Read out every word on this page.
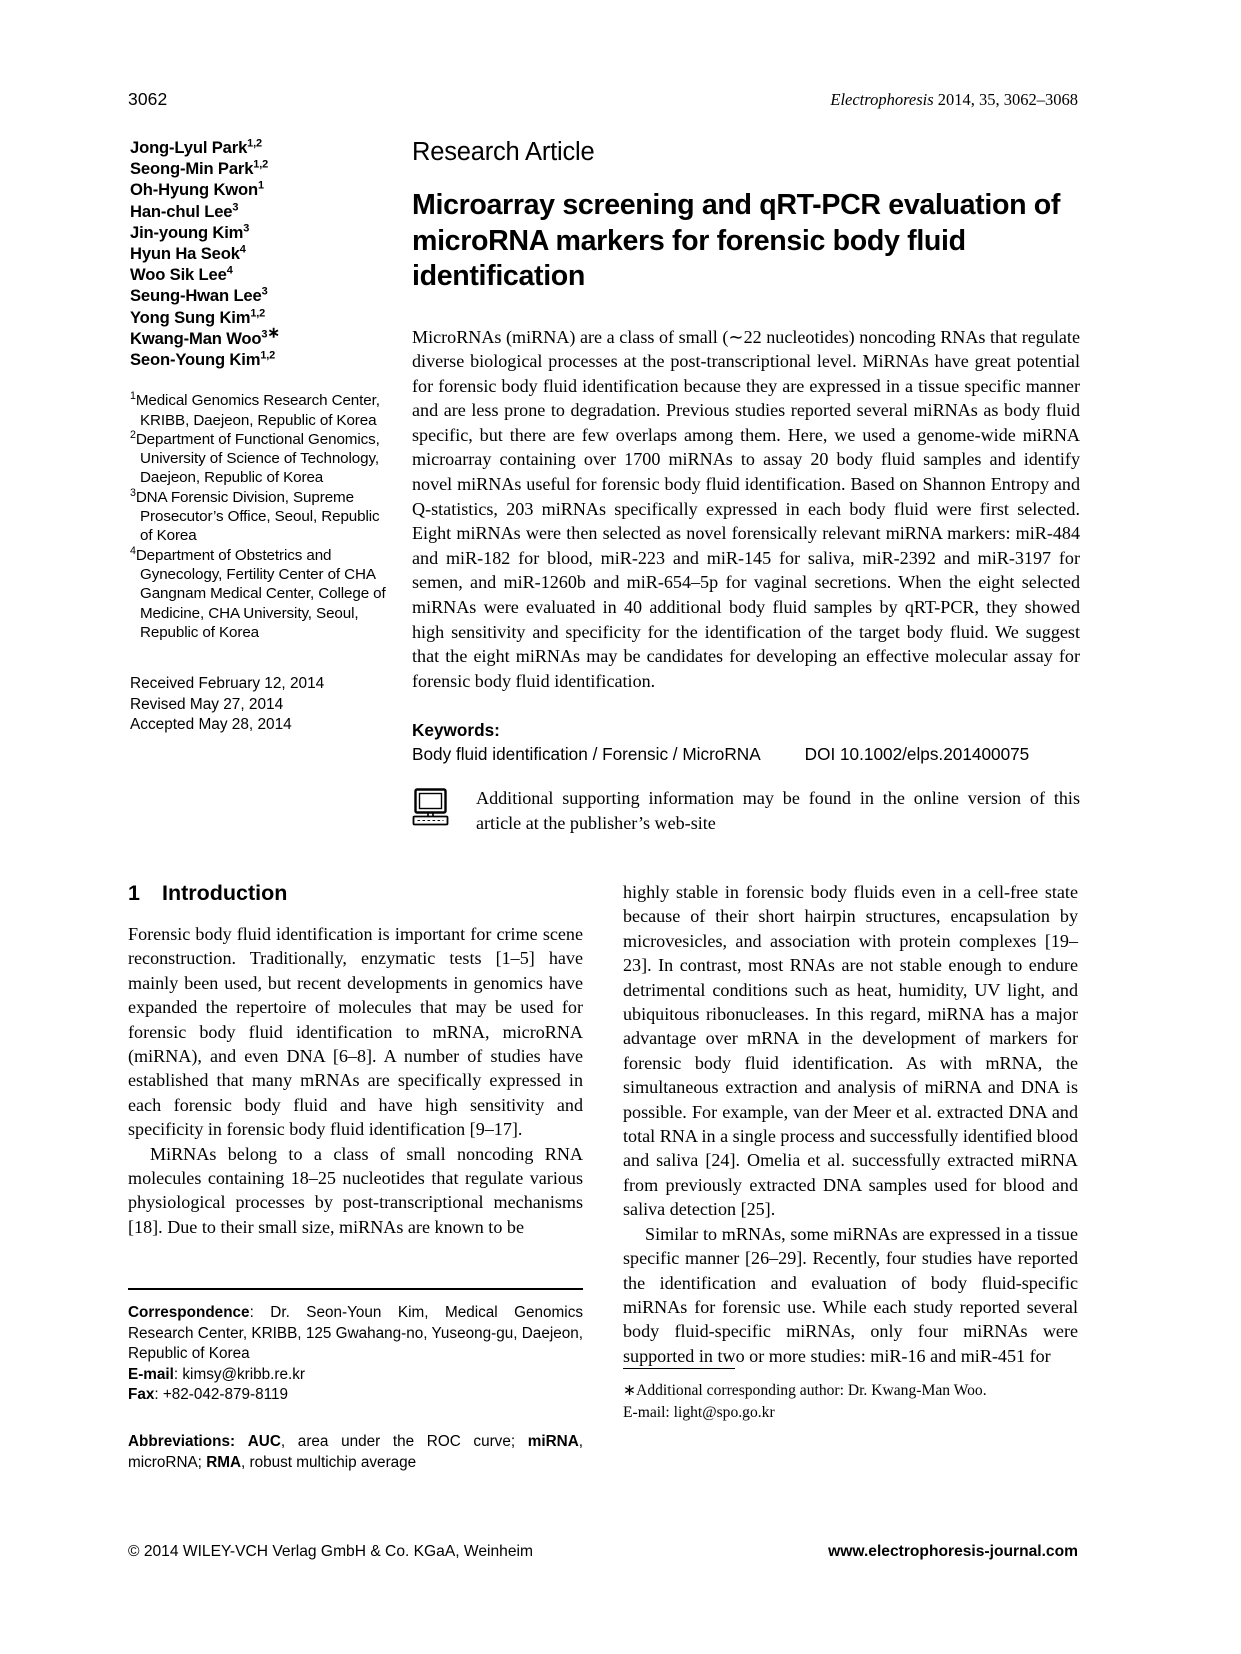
3062	Electrophoresis 2014, 35, 3062–3068
Jong-Lyul Park$^{1,2}$
Seong-Min Park$^{1,2}$
Oh-Hyung Kwon$^1$
Han-chul Lee$^3$
Jin-young Kim$^3$
Hyun Ha Seok$^4$
Woo Sik Lee$^4$
Seung-Hwan Lee$^3$
Yong Sung Kim$^{1,2}$
Kwang-Man Woo$^{3∗}$
Seon-Young Kim$^{1,2}$
$^1$Medical Genomics Research Center, KRIBB, Daejeon, Republic of Korea
$^2$Department of Functional Genomics, University of Science of Technology, Daejeon, Republic of Korea
$^3$DNA Forensic Division, Supreme Prosecutor’s Office, Seoul, Republic of Korea
$^4$Department of Obstetrics and Gynecology, Fertility Center of CHA Gangnam Medical Center, College of Medicine, CHA University, Seoul, Republic of Korea
Received February 12, 2014
Revised May 27, 2014
Accepted May 28, 2014
Research Article
Microarray screening and qRT-PCR evaluation of microRNA markers for forensic body fluid identification
MicroRNAs (miRNA) are a class of small (∼22 nucleotides) noncoding RNAs that regulate diverse biological processes at the post-transcriptional level. MiRNAs have great potential for forensic body fluid identification because they are expressed in a tissue specific manner and are less prone to degradation. Previous studies reported several miRNAs as body fluid specific, but there are few overlaps among them. Here, we used a genome-wide miRNA microarray containing over 1700 miRNAs to assay 20 body fluid samples and identify novel miRNAs useful for forensic body fluid identification. Based on Shannon Entropy and Q-statistics, 203 miRNAs specifically expressed in each body fluid were first selected. Eight miRNAs were then selected as novel forensically relevant miRNA markers: miR-484 and miR-182 for blood, miR-223 and miR-145 for saliva, miR-2392 and miR-3197 for semen, and miR-1260b and miR-654–5p for vaginal secretions. When the eight selected miRNAs were evaluated in 40 additional body fluid samples by qRT-PCR, they showed high sensitivity and specificity for the identification of the target body fluid. We suggest that the eight miRNAs may be candidates for developing an effective molecular assay for forensic body fluid identification.
Keywords:
Body fluid identification / Forensic / MicroRNA	DOI 10.1002/elps.201400075
Additional supporting information may be found in the online version of this article at the publisher’s web-site
1	Introduction

Forensic body fluid identification is important for crime scene reconstruction. Traditionally, enzymatic tests [1–5] have mainly been used, but recent developments in genomics have expanded the repertoire of molecules that may be used for forensic body fluid identification to mRNA, microRNA (miRNA), and even DNA [6–8]. A number of studies have established that many mRNAs are specifically expressed in each forensic body fluid and have high sensitivity and specificity in forensic body fluid identification [9–17].

MiRNAs belong to a class of small noncoding RNA molecules containing 18–25 nucleotides that regulate various physiological processes by post-transcriptional mechanisms [18]. Due to their small size, miRNAs are known to be

highly stable in forensic body fluids even in a cell-free state because of their short hairpin structures, encapsulation by microvesicles, and association with protein complexes [19–23]. In contrast, most RNAs are not stable enough to endure detrimental conditions such as heat, humidity, UV light, and ubiquitous ribonucleases. In this regard, miRNA has a major advantage over mRNA in the development of markers for forensic body fluid identification. As with mRNA, the simultaneous extraction and analysis of miRNA and DNA is possible. For example, van der Meer et al. extracted DNA and total RNA in a single process and successfully identified blood and saliva [24]. Omelia et al. successfully extracted miRNA from previously extracted DNA samples used for blood and saliva detection [25].

Similar to mRNAs, some miRNAs are expressed in a tissue specific manner [26–29]. Recently, four studies have reported the identification and evaluation of body fluid-specific miRNAs for forensic use. While each study reported several body fluid-specific miRNAs, only four miRNAs were supported in two or more studies: miR-16 and miR-451 for

Correspondence: Dr. Seon-Youn Kim, Medical Genomics Research Center, KRIBB, 125 Gwahang-no, Yuseong-gu, Daejeon, Republic of Korea
E-mail: kimsy@kribb.re.kr
Fax: +82-042-879-8119
Abbreviations: AUC, area under the ROC curve; miRNA, microRNA; RMA, robust multichip average
∗Additional corresponding author: Dr. Kwang-Man Woo.
E-mail: light@spo.go.kr
© 2014 WILEY-VCH Verlag GmbH & Co. KGaA, Weinheim	www.electrophoresis-journal.com
